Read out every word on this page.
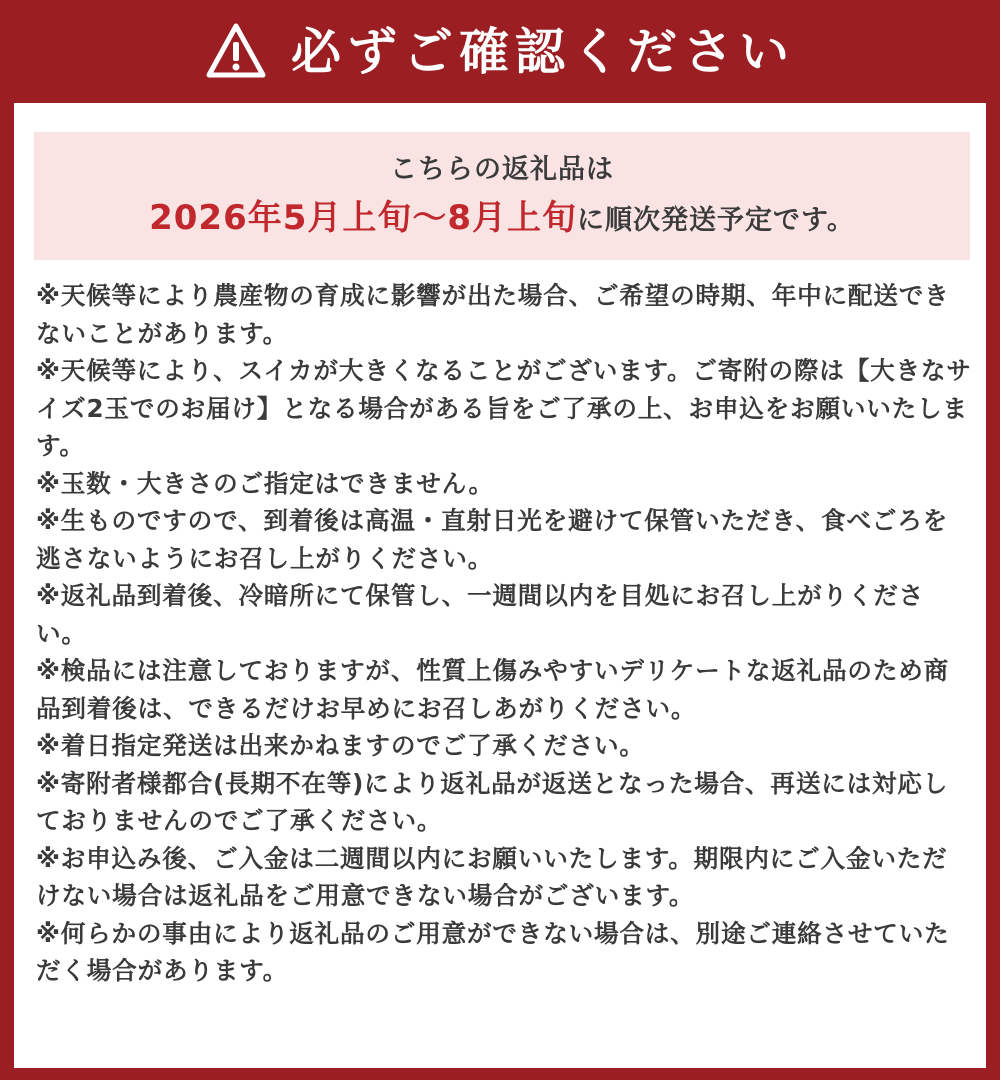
必ずご確認ください
こちらの返礼品は
2026年5月上旬～8月上旬に順次発送予定です。
※天候等により農産物の育成に影響が出た場合、ご希望の時期、年中に配送できないことがあります。
※天候等により、スイカが大きくなることがございます。ご寄附の際は【大きなサイズ2玉でのお届け】となる場合がある旨をご了承の上、お申込をお願いいたします。
※玉数・大きさのご指定はできません。
※生ものですので、到着後は高温・直射日光を避けて保管いただき、食べごろを逃さないようにお召し上がりください。
※返礼品到着後、冷暗所にて保管し、一週間以内を目処にお召し上がりください。
※検品には注意しておりますが、性質上傷みやすいデリケートな返礼品のため商品到着後は、できるだけお早めにお召しあがりください。
※着日指定発送は出来かねますのでご了承ください。
※寄附者様都合(長期不在等)により返礼品が返送となった場合、再送には対応しておりませんのでご了承ください。
※お申込み後、ご入金は二週間以内にお願いいたします。期限内にご入金いただけない場合は返礼品をご用意できない場合がございます。
※何らかの事由により返礼品のご用意ができない場合は、別途ご連絡させていただく場合があります。
